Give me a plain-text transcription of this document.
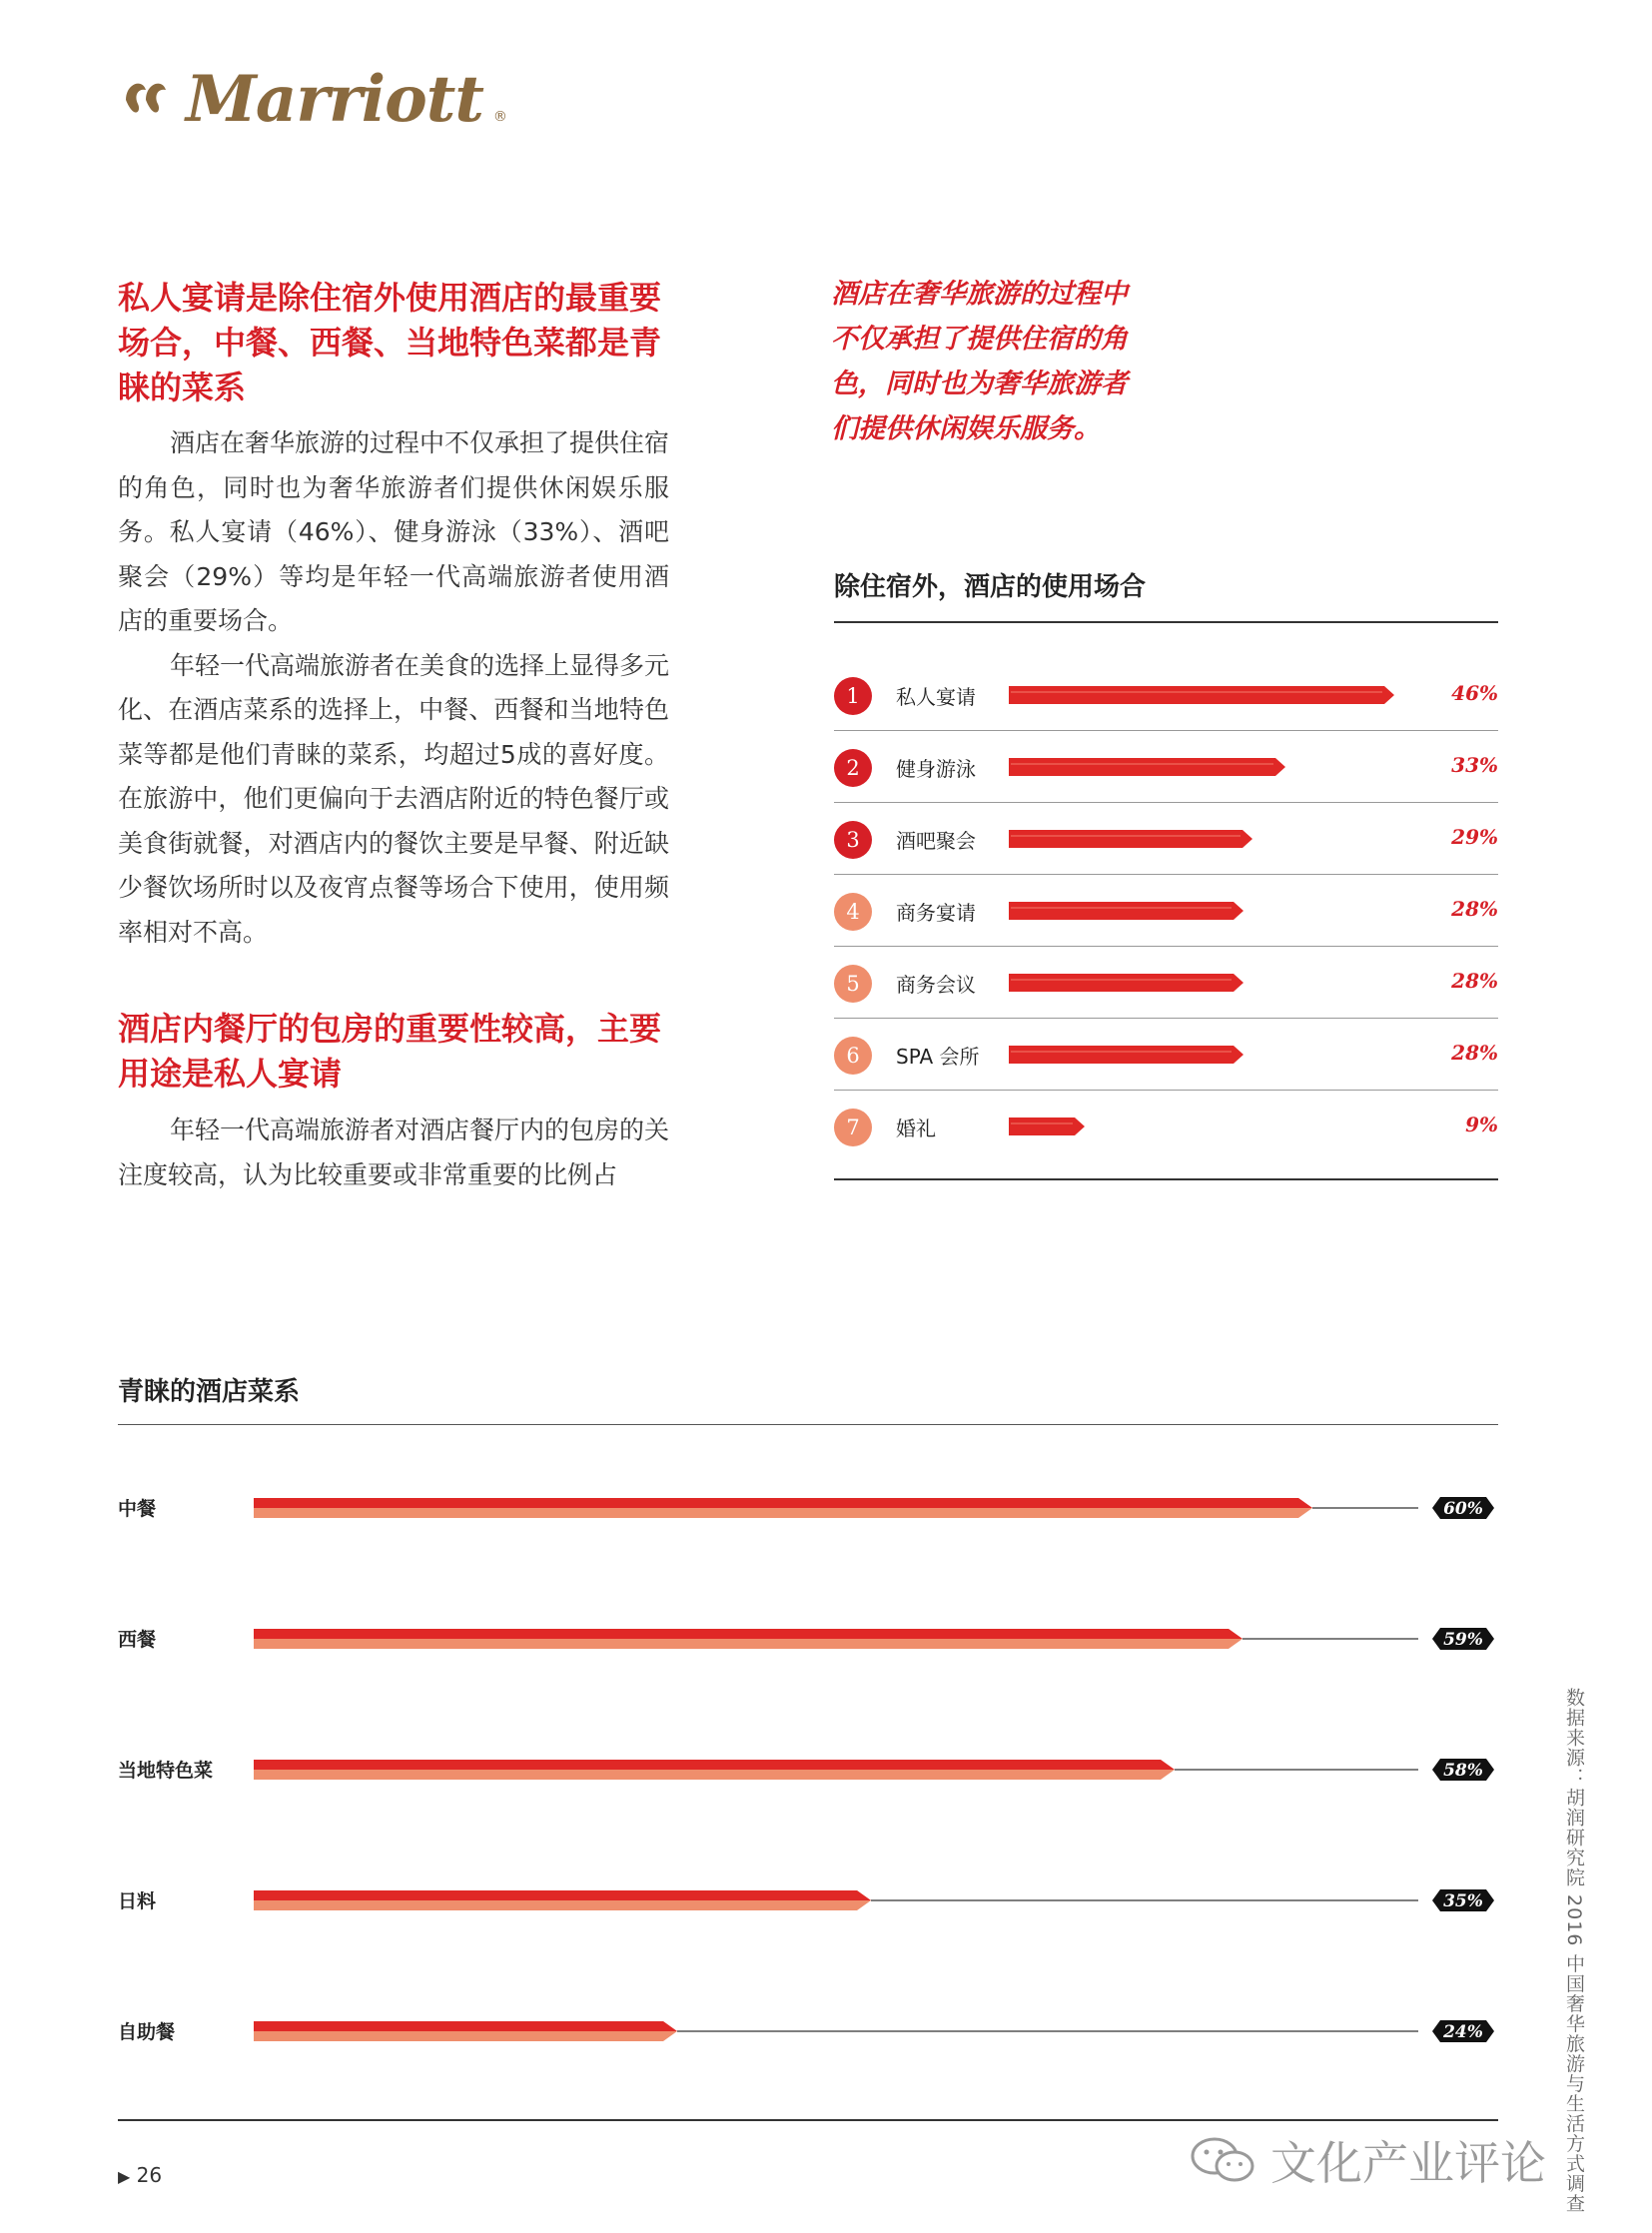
Marriott ®
私人宴请是除住宿外使用酒店的最重要场合，中餐、西餐、当地特色菜都是青睐的菜系

酒店在奢华旅游的过程中不仅承担了提供住宿的角色，同时也为奢华旅游者们提供休闲娱乐服务。私人宴请（46%）、健身游泳（33%）、酒吧聚会（29%）等均是年轻一代高端旅游者使用酒店的重要场合。

年轻一代高端旅游者在美食的选择上显得多元化、在酒店菜系的选择上，中餐、西餐和当地特色菜等都是他们青睐的菜系，均超过5成的喜好度。在旅游中，他们更偏向于去酒店附近的特色餐厅或美食街就餐，对酒店内的餐饮主要是早餐、附近缺少餐饮场所时以及夜宵点餐等场合下使用，使用频率相对不高。

酒店内餐厅的包房的重要性较高，主要用途是私人宴请

年轻一代高端旅游者对酒店餐厅内的包房的关注度较高，认为比较重要或非常重要的比例占

酒店在奢华旅游的过程中不仅承担了提供住宿的角色，同时也为奢华旅游者们提供休闲娱乐服务。
除住宿外，酒店的使用场合
1	私人宴请	46%
2	健身游泳	33%
3	酒吧聚会	29%
4	商务宴请	28%
5	商务会议	28%
6	SPA 会所	28%
7	婚礼	9%
青睐的酒店菜系
中餐	60%
西餐	59%
当地特色菜	58%
日料	35%
自助餐	24%	数据来源：胡润研究院 2016 中国奢华旅游与生活方式调查
▶ 26	文化产业评论
